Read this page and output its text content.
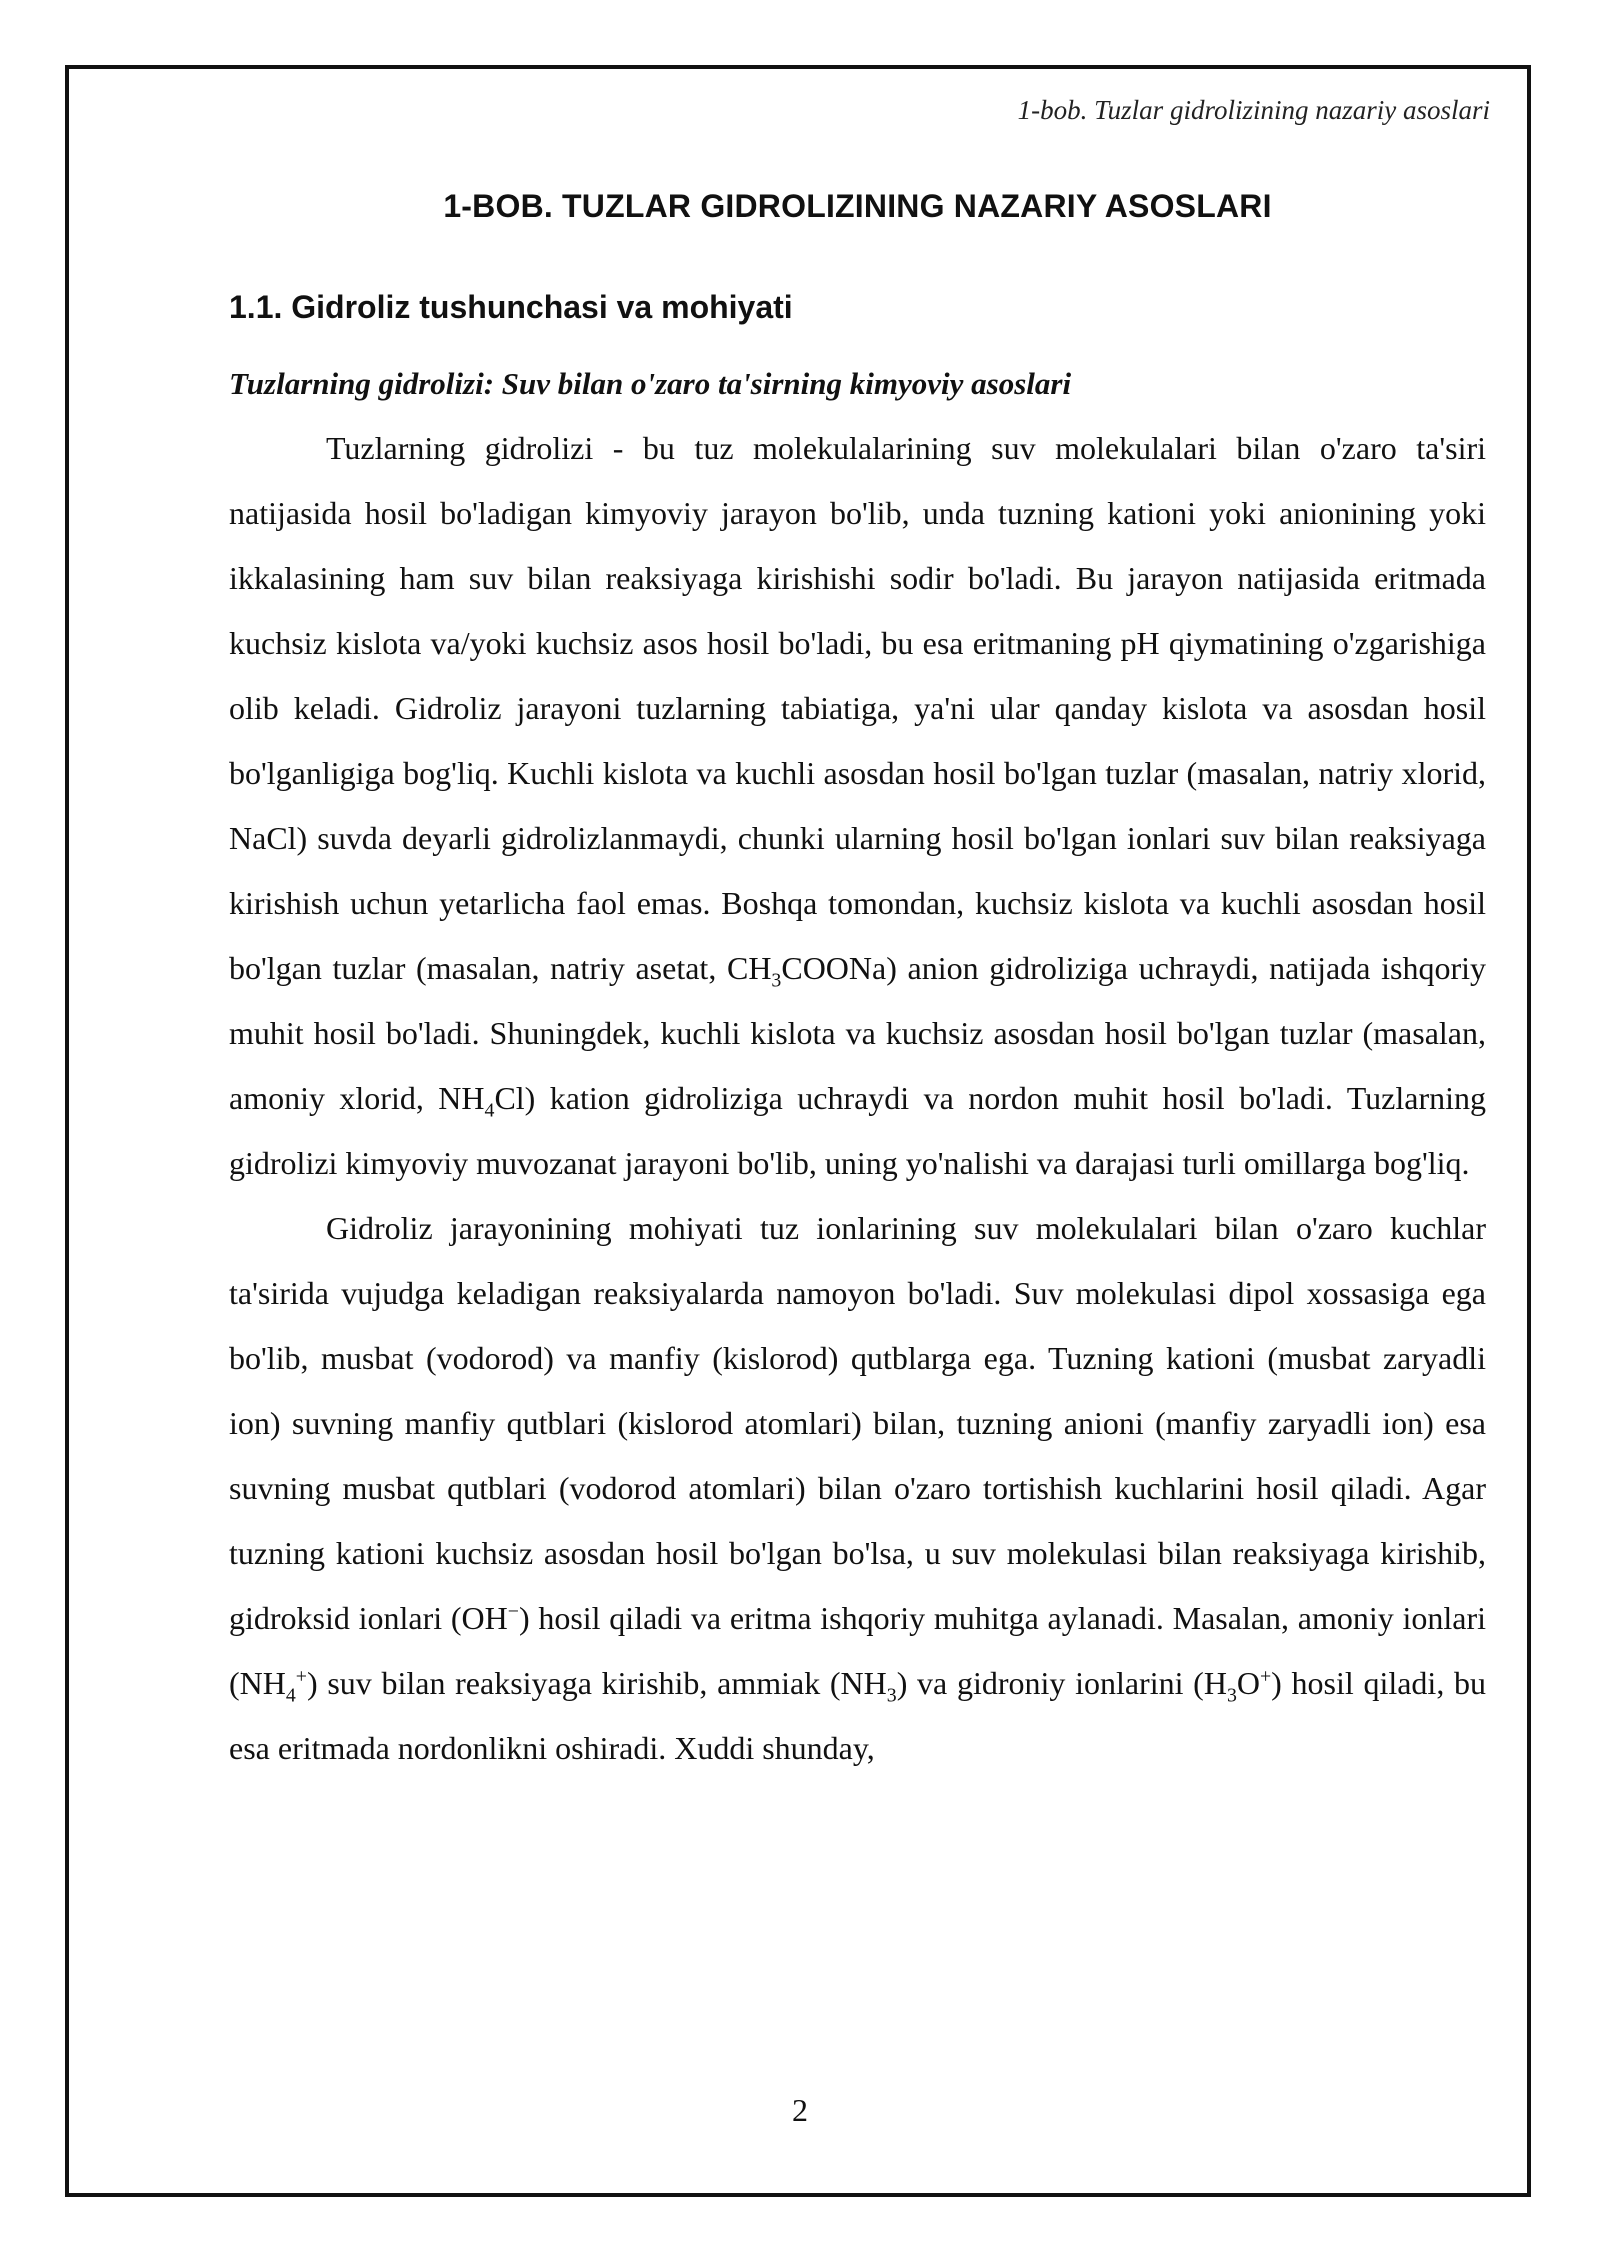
1-bob. Tuzlar gidrolizining nazariy asoslari
1-BOB. TUZLAR GIDROLIZINING NAZARIY ASOSLARI
1.1. Gidroliz tushunchasi va mohiyati
Tuzlarning gidrolizi: Suv bilan o'zaro ta'sirning kimyoviy asoslari

Tuzlarning gidrolizi - bu tuz molekulalarining suv molekulalari bilan o'zaro ta'siri natijasida hosil bo'ladigan kimyoviy jarayon bo'lib, unda tuzning kationi yoki anionining yoki ikkalasining ham suv bilan reaksiyaga kirishishi sodir bo'ladi. Bu jarayon natijasida eritmada kuchsiz kislota va/yoki kuchsiz asos hosil bo'ladi, bu esa eritmaning pH qiymatining o'zgarishiga olib keladi. Gidroliz jarayoni tuzlarning tabiatiga, ya'ni ular qanday kislota va asosdan hosil bo'lganligiga bog'liq. Kuchli kislota va kuchli asosdan hosil bo'lgan tuzlar (masalan, natriy xlorid, NaCl) suvda deyarli gidrolizlanmaydi, chunki ularning hosil bo'lgan ionlari suv bilan reaksiyaga kirishish uchun yetarlicha faol emas. Boshqa tomondan, kuchsiz kislota va kuchli asosdan hosil bo'lgan tuzlar (masalan, natriy asetat, $CH_3COONa$) anion gidroliziga uchraydi, natijada ishqoriy muhit hosil bo'ladi. Shuningdek, kuchli kislota va kuchsiz asosdan hosil bo'lgan tuzlar (masalan, amoniy xlorid, $NH_4Cl$) kation gidroliziga uchraydi va nordon muhit hosil bo'ladi. Tuzlarning gidrolizi kimyoviy muvozanat jarayoni bo'lib, uning yo'nalishi va darajasi turli omillarga bog'liq.

Gidroliz jarayonining mohiyati tuz ionlarining suv molekulalari bilan o'zaro kuchlar ta'sirida vujudga keladigan reaksiyalarda namoyon bo'ladi. Suv molekulasi dipol xossasiga ega bo'lib, musbat (vodorod) va manfiy (kislorod) qutblarga ega. Tuzning kationi (musbat zaryadli ion) suvning manfiy qutblari (kislorod atomlari) bilan, tuzning anioni (manfiy zaryadli ion) esa suvning musbat qutblari (vodorod atomlari) bilan o'zaro tortishish kuchlarini hosil qiladi. Agar tuzning kationi kuchsiz asosdan hosil bo'lgan bo'lsa, u suv molekulasi bilan reaksiyaga kirishib, gidroksid ionlari (OH−) hosil qiladi va eritma ishqoriy muhitga aylanadi. Masalan, amoniy ionlari $(NH_4^+)$ suv bilan reaksiyaga kirishib, ammiak $(NH_3)$ va gidroniy ionlarini $(H_3O^+)$ hosil qiladi, bu esa eritmada nordonlikni oshiradi. Xuddi shunday,

2
